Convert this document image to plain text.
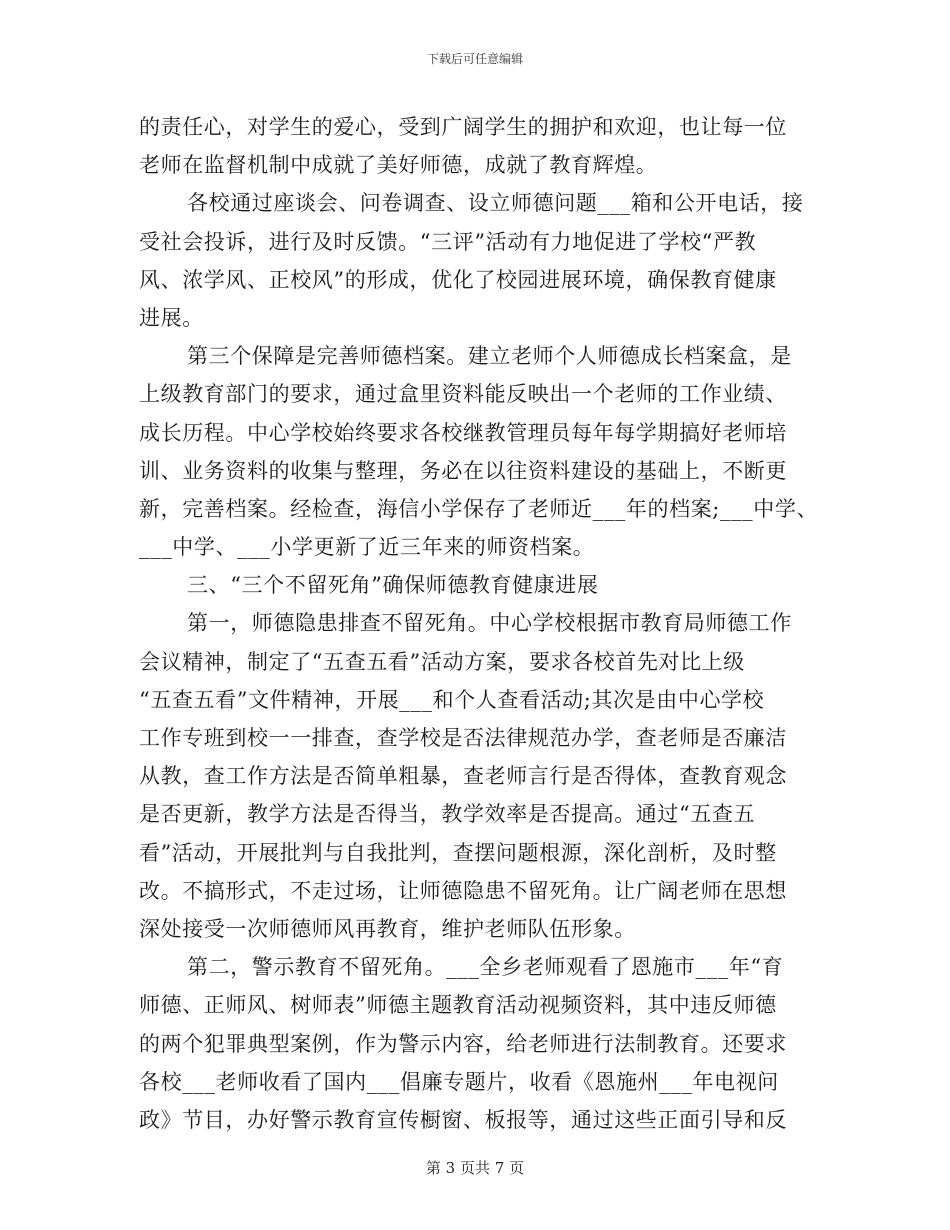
下载后可任意编辑
的责任心，对学生的爱心，受到广阔学生的拥护和欢迎，也让每一位
老师在监督机制中成就了美好师德，成就了教育辉煌。
各校通过座谈会、问卷调查、设立师德问题___箱和公开电话，接
受社会投诉，进行及时反馈。“三评”活动有力地促进了学校“严教
风、浓学风、正校风”的形成，优化了校园进展环境，确保教育健康
进展。
第三个保障是完善师德档案。建立老师个人师德成长档案盒，是
上级教育部门的要求，通过盒里资料能反映出一个老师的工作业绩、
成长历程。中心学校始终要求各校继教管理员每年每学期搞好老师培
训、业务资料的收集与整理，务必在以往资料建设的基础上，不断更
新，完善档案。经检查，海信小学保存了老师近___年的档案;___中学、
___中学、___小学更新了近三年来的师资档案。
三、“三个不留死角”确保师德教育健康进展
第一，师德隐患排查不留死角。中心学校根据市教育局师德工作
会议精神，制定了“五查五看”活动方案，要求各校首先对比上级
“五查五看”文件精神，开展___和个人查看活动;其次是由中心学校
工作专班到校一一排查，查学校是否法律规范办学，查老师是否廉洁
从教，查工作方法是否简单粗暴，查老师言行是否得体，查教育观念
是否更新，教学方法是否得当，教学效率是否提高。通过“五查五
看”活动，开展批判与自我批判，查摆问题根源，深化剖析，及时整
改。不搞形式，不走过场，让师德隐患不留死角。让广阔老师在思想
深处接受一次师德师风再教育，维护老师队伍形象。
第二，警示教育不留死角。___全乡老师观看了恩施市___年“育
师德、正师风、树师表”师德主题教育活动视频资料，其中违反师德
的两个犯罪典型案例，作为警示内容，给老师进行法制教育。还要求
各校___老师收看了国内___倡廉专题片，收看《恩施州___年电视问
政》节目，办好警示教育宣传橱窗、板报等，通过这些正面引导和反
第 3 页共 7 页
